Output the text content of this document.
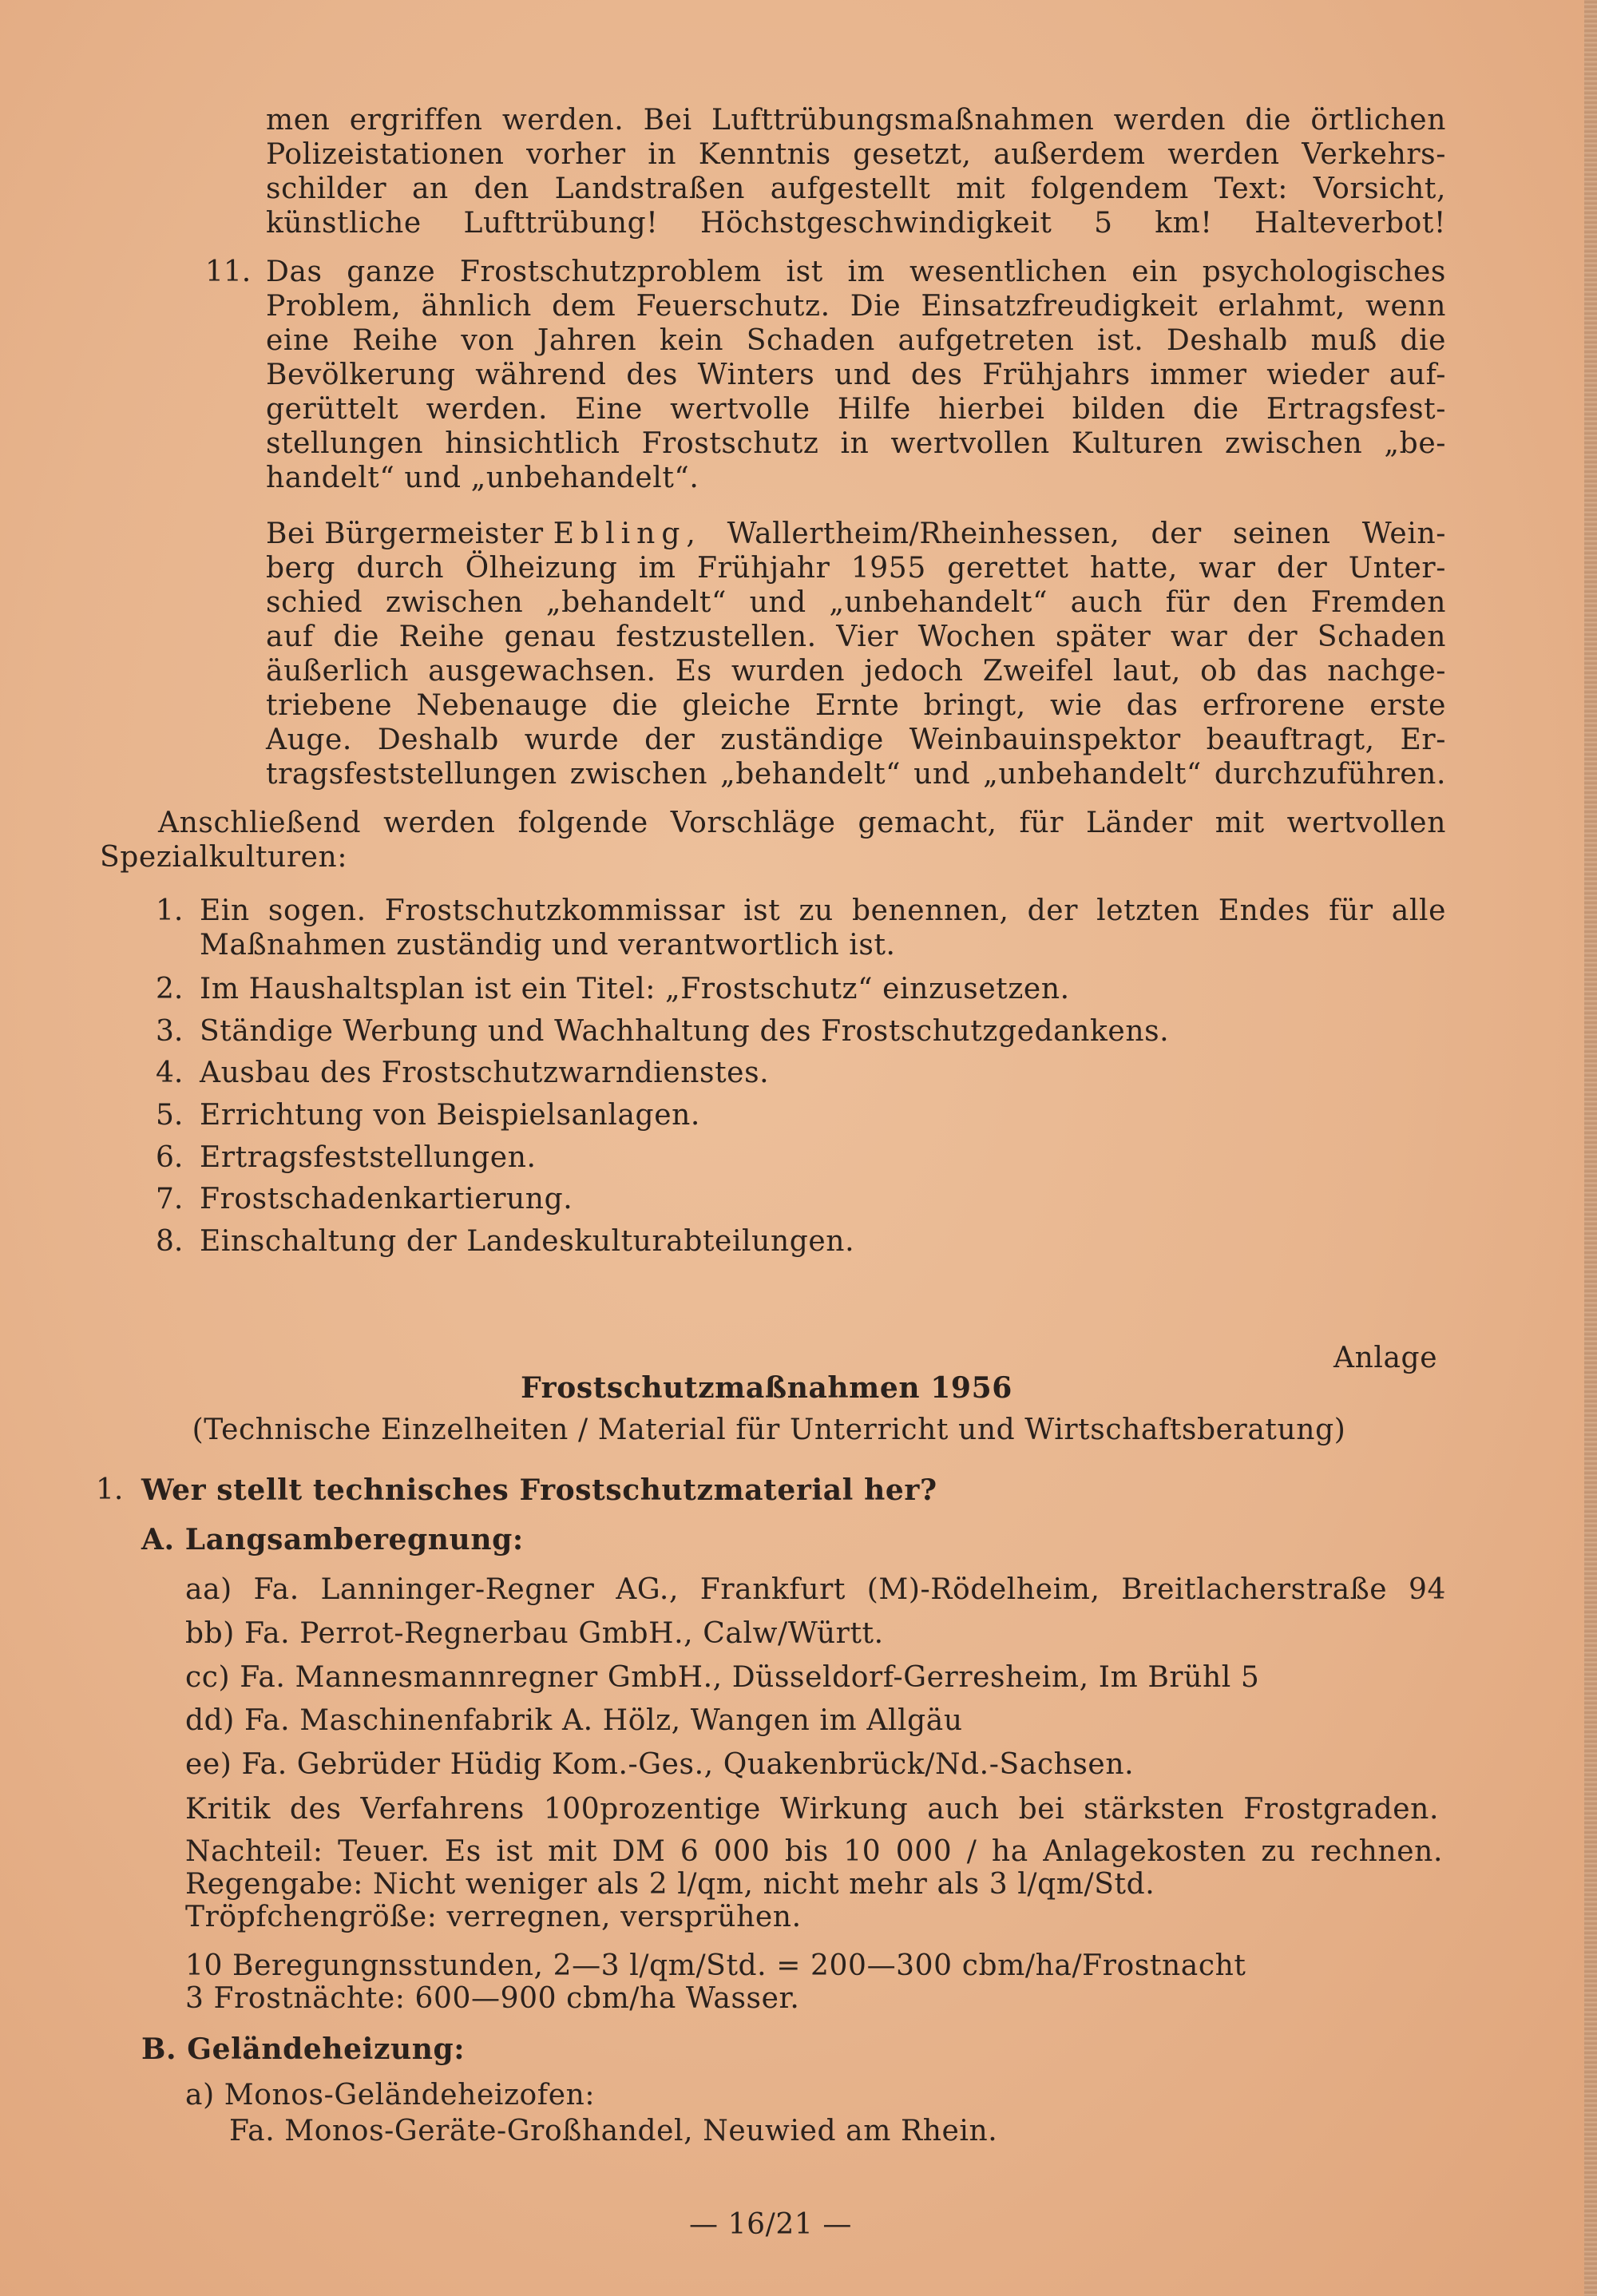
men ergriffen werden. Bei Lufttrübungsmaßnahmen werden die örtlichen
Polizeistationen vorher in Kenntnis gesetzt, außerdem werden Verkehrs-
schilder an den Landstraßen aufgestellt mit folgendem Text: Vorsicht,
künstliche Lufttrübung! Höchstgeschwindigkeit 5 km! Halteverbot!
11. Das ganze Frostschutzproblem ist im wesentlichen ein psychologisches
Problem, ähnlich dem Feuerschutz. Die Einsatzfreudigkeit erlahmt, wenn
eine Reihe von Jahren kein Schaden aufgetreten ist. Deshalb muß die
Bevölkerung während des Winters und des Frühjahrs immer wieder auf-
gerüttelt werden. Eine wertvolle Hilfe hierbei bilden die Ertragsfest-
stellungen hinsichtlich Frostschutz in wertvollen Kulturen zwischen „be-
handelt“ und „unbehandelt“.
Bei Bürgermeister Ebling , Wallertheim/Rheinhessen, der seinen Wein-
berg durch Ölheizung im Frühjahr 1955 gerettet hatte, war der Unter-
schied zwischen „behandelt“ und „unbehandelt“ auch für den Fremden
auf die Reihe genau festzustellen. Vier Wochen später war der Schaden
äußerlich ausgewachsen. Es wurden jedoch Zweifel laut, ob das nachge-
triebene Nebenauge die gleiche Ernte bringt, wie das erfrorene erste
Auge. Deshalb wurde der zuständige Weinbauinspektor beauftragt, Er-
tragsfeststellungen zwischen „behandelt“ und „unbehandelt“ durchzuführen.
Anschließend werden folgende Vorschläge gemacht, für Länder mit wertvollen
Spezialkulturen:
1. Ein sogen. Frostschutzkommissar ist zu benennen, der letzten Endes für alle
Maßnahmen zuständig und verantwortlich ist.
2. Im Haushaltsplan ist ein Titel: „Frostschutz“ einzusetzen.
3. Ständige Werbung und Wachhaltung des Frostschutzgedankens.
4. Ausbau des Frostschutzwarndienstes.
5. Errichtung von Beispielsanlagen.
6. Ertragsfeststellungen.
7. Frostschadenkartierung.
8. Einschaltung der Landeskulturabteilungen.
Anlage
Frostschutzmaßnahmen 1956
(Technische Einzelheiten / Material für Unterricht und Wirtschaftsberatung)
1. Wer stellt technisches Frostschutzmaterial her?
A. Langsamberegnung:
aa) Fa. Lanninger-Regner AG., Frankfurt (M)-Rödelheim, Breitlacherstraße 94
bb) Fa. Perrot-Regnerbau GmbH., Calw/Württ.
cc) Fa. Mannesmannregner GmbH., Düsseldorf-Gerresheim, Im Brühl 5
dd) Fa. Maschinenfabrik A. Hölz, Wangen im Allgäu
ee) Fa. Gebrüder Hüdig Kom.-Ges., Quakenbrück/Nd.-Sachsen.
Kritik des Verfahrens 100prozentige Wirkung auch bei stärksten Frostgraden.
Nachteil: Teuer. Es ist mit DM 6 000 bis 10 000 / ha Anlagekosten zu rechnen.
Regengabe: Nicht weniger als 2 l/qm, nicht mehr als 3 l/qm/Std.
Tröpfchengröße: verregnen, versprühen.
10 Beregungnsstunden, 2—3 l/qm/Std. = 200—300 cbm/ha/Frostnacht
3 Frostnächte: 600—900 cbm/ha Wasser.
B. Geländeheizung:
a) Monos-Geländeheizofen:
Fa. Monos-Geräte-Großhandel, Neuwied am Rhein.
— 16/21 —
